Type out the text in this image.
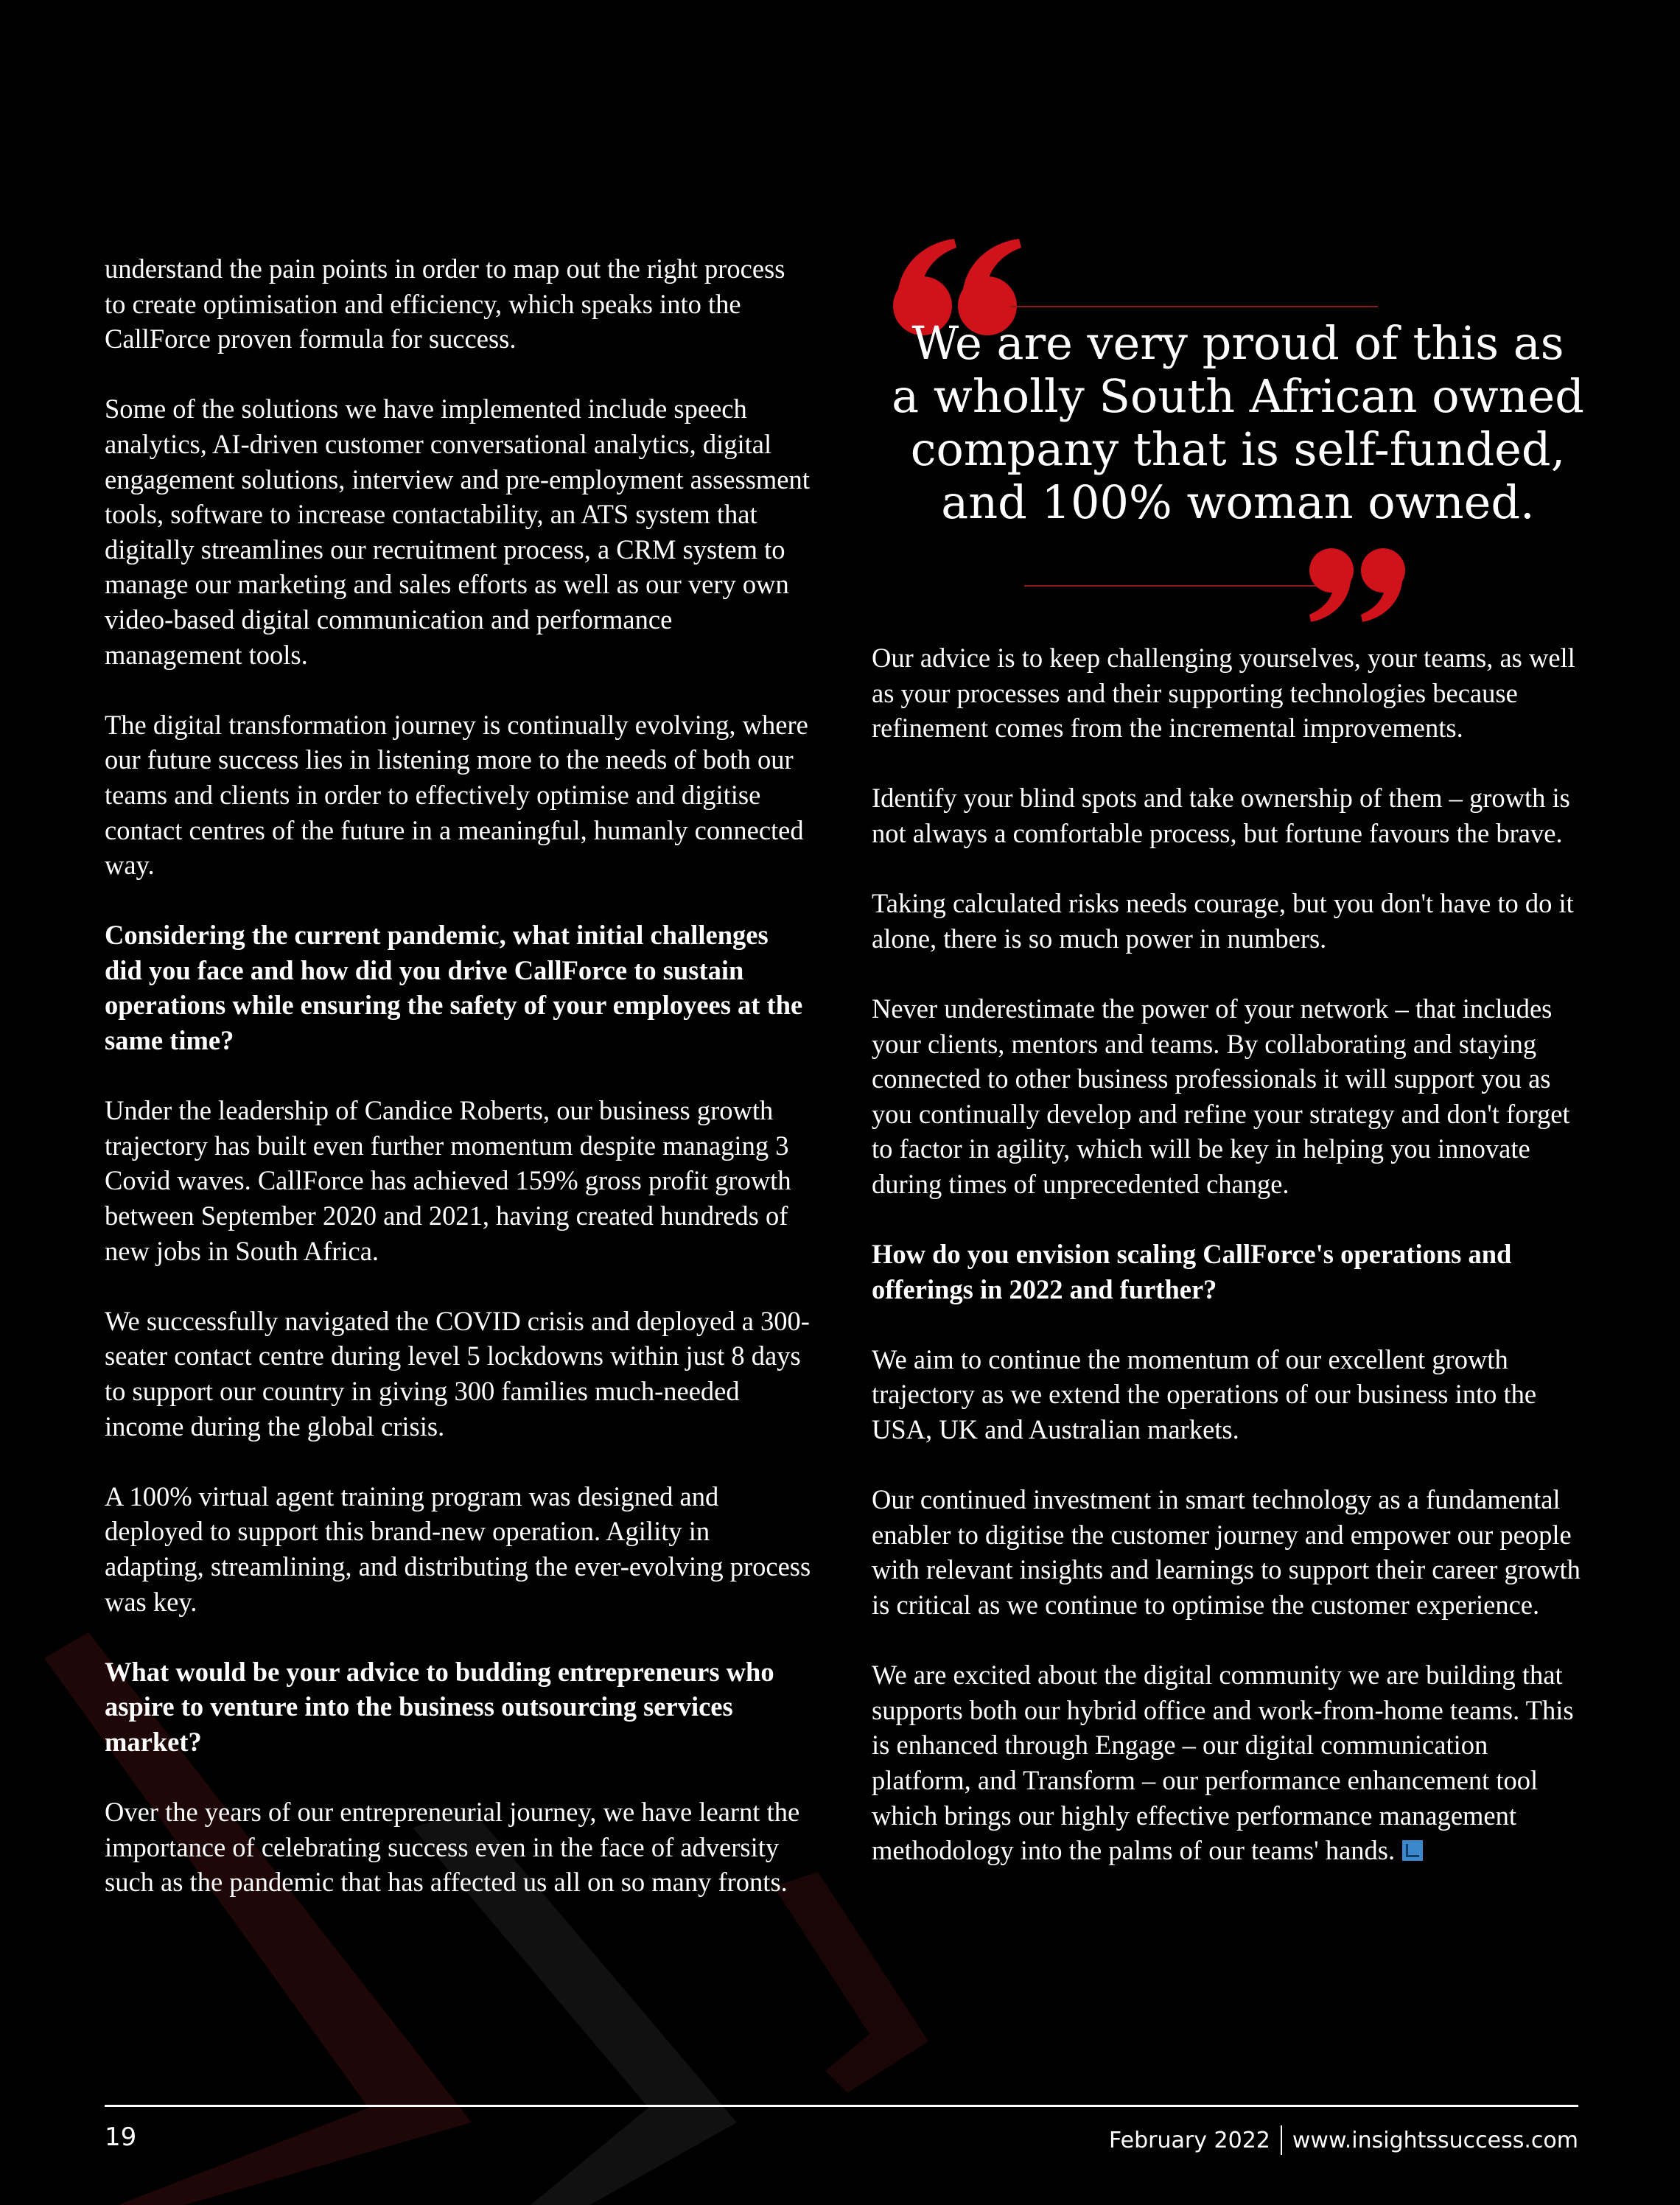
understand the pain points in order to map out the right process to create optimisation and efficiency, which speaks into the CallForce proven formula for success.

Some of the solutions we have implemented include speech analytics, AI-driven customer conversational analytics, digital engagement solutions, interview and pre-employment assessment tools, software to increase contactability, an ATS system that digitally streamlines our recruitment process, a CRM system to manage our marketing and sales efforts as well as our very own video-based digital communication and performance management tools.

The digital transformation journey is continually evolving, where our future success lies in listening more to the needs of both our teams and clients in order to effectively optimise and digitise contact centres of the future in a meaningful, humanly connected way.

Considering the current pandemic, what initial challenges did you face and how did you drive CallForce to sustain operations while ensuring the safety of your employees at the same time?

Under the leadership of Candice Roberts, our business growth trajectory has built even further momentum despite managing 3 Covid waves. CallForce has achieved 159% gross profit growth between September 2020 and 2021, having created hundreds of new jobs in South Africa.

We successfully navigated the COVID crisis and deployed a 300-seater contact centre during level 5 lockdowns within just 8 days to support our country in giving 300 families much-needed income during the global crisis.

A 100% virtual agent training program was designed and deployed to support this brand-new operation. Agility in adapting, streamlining, and distributing the ever-evolving process was key.

What would be your advice to budding entrepreneurs who aspire to venture into the business outsourcing services market?

Over the years of our entrepreneurial journey, we have learnt the importance of celebrating success even in the face of adversity such as the pandemic that has affected us all on so many fronts.

We are very proud of this as a wholly South African owned company that is self-funded, and 100% woman owned.

Our advice is to keep challenging yourselves, your teams, as well as your processes and their supporting technologies because refinement comes from the incremental improvements.

Identify your blind spots and take ownership of them – growth is not always a comfortable process, but fortune favours the brave.

Taking calculated risks needs courage, but you don't have to do it alone, there is so much power in numbers.

Never underestimate the power of your network – that includes your clients, mentors and teams. By collaborating and staying connected to other business professionals it will support you as you continually develop and refine your strategy and don't forget to factor in agility, which will be key in helping you innovate during times of unprecedented change.

How do you envision scaling CallForce's operations and offerings in 2022 and further?

We aim to continue the momentum of our excellent growth trajectory as we extend the operations of our business into the USA, UK and Australian markets.

Our continued investment in smart technology as a fundamental enabler to digitise the customer journey and empower our people with relevant insights and learnings to support their career growth is critical as we continue to optimise the customer experience.

We are excited about the digital community we are building that supports both our hybrid office and work-from-home teams. This is enhanced through Engage – our digital communication platform, and Transform – our performance enhancement tool which brings our highly effective performance management methodology into the palms of our teams' hands.

19	February 2022 www.insightssuccess.com
